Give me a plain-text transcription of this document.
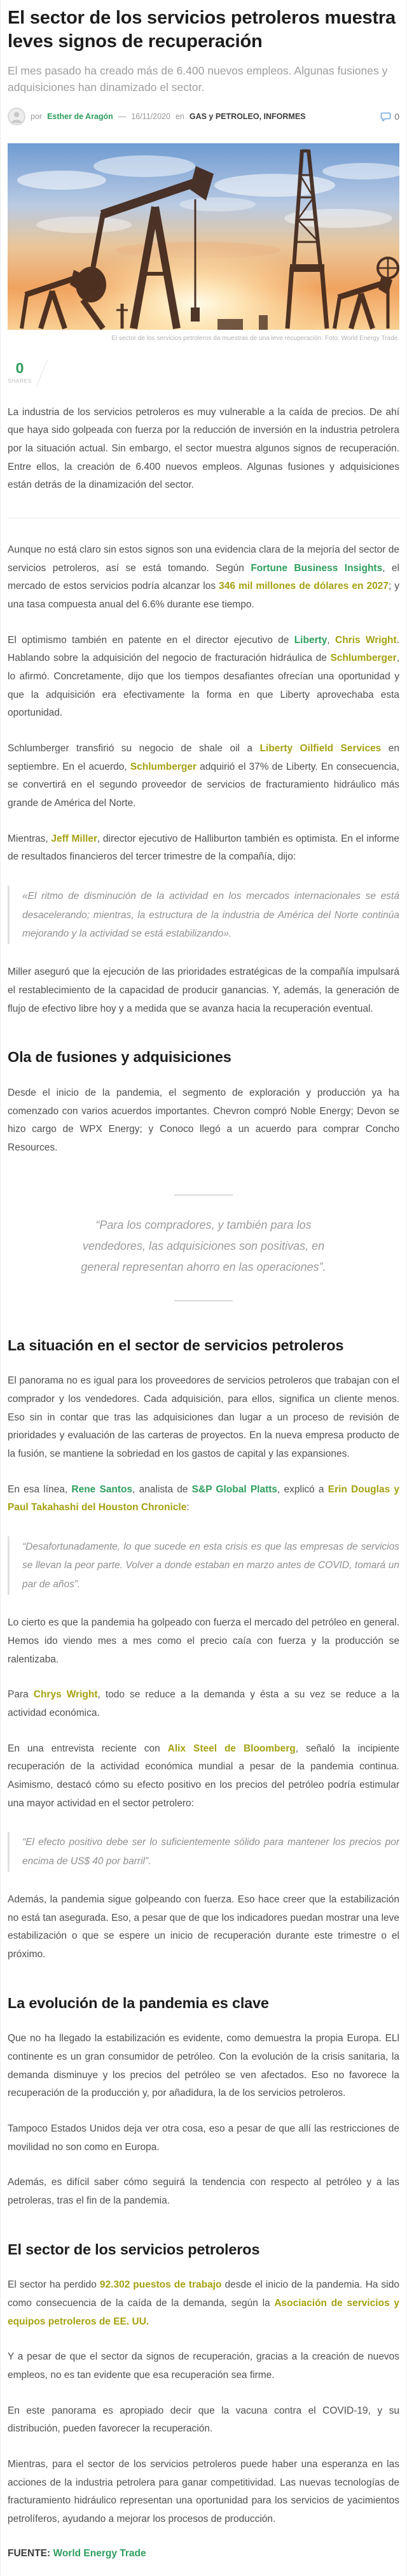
El sector de los servicios petroleros muestra leves signos de recuperación

El mes pasado ha creado más de 6.400 nuevos empleos. Algunas fusiones y adquisiciones han dinamizado el sector.

por Esther de Aragón — 16/11/2020 en GAS y PETROLEO, INFORMES	0
El sector de los servicios petroleros da muestras de una leve recuperación. Foto: World Energy Trade.
0
SHARES

La industria de los servicios petroleros es muy vulnerable a la caída de precios. De ahí que haya sido golpeada con fuerza por la reducción de inversión en la industria petrolera por la situación actual. Sin embargo, el sector muestra algunos signos de recuperación. Entre ellos, la creación de 6.400 nuevos empleos. Algunas fusiones y adquisiciones están detrás de la dinamización del sector.

Aunque no está claro sin estos signos son una evidencia clara de la mejoría del sector de servicios petroleros, así se está tomando. Según Fortune Business Insights, el mercado de estos servicios podría alcanzar los 346 mil millones de dólares en 2027; y una tasa compuesta anual del 6.6% durante ese tiempo.

El optimismo también en patente en el director ejecutivo de Liberty, Chris Wright. Hablando sobre la adquisición del negocio de fracturación hidráulica de Schlumberger, lo afirmó. Concretamente, dijo que los tiempos desafiantes ofrecían una oportunidad y que la adquisición era efectivamente la forma en que Liberty aprovechaba esta oportunidad.

Schlumberger transfirió su negocio de shale oil a Liberty Oilfield Services en septiembre. En el acuerdo, Schlumberger adquirió el 37% de Liberty. En consecuencia, se convertirá en el segundo proveedor de servicios de fracturamiento hidráulico más grande de América del Norte.

Mientras, Jeff Miller, director ejecutivo de Halliburton también es optimista. En el informe de resultados financieros del tercer trimestre de la compañía, dijo:

«El ritmo de disminución de la actividad en los mercados internacionales se está desacelerando; mientras, la estructura de la industria de América del Norte continúa mejorando y la actividad se está estabilizando».

Miller aseguró que la ejecución de las prioridades estratégicas de la compañía impulsará el restablecimiento de la capacidad de producir ganancias. Y, además, la generación de flujo de efectivo libre hoy y a medida que se avanza hacia la recuperación eventual.

Ola de fusiones y adquisiciones

Desde el inicio de la pandemia, el segmento de exploración y producción ya ha comenzado con varios acuerdos importantes. Chevron compró Noble Energy; Devon se hizo cargo de WPX Energy; y Conoco llegó a un acuerdo para comprar Concho Resources.

“Para los compradores, y también para los vendedores, las adquisiciones son positivas, en general representan ahorro en las operaciones”.
La situación en el sector de servicios petroleros

El panorama no es igual para los proveedores de servicios petroleros que trabajan con el comprador y los vendedores. Cada adquisición, para ellos, significa un cliente menos. Eso sin in contar que tras las adquisiciones dan lugar a un proceso de revisión de prioridades y evaluación de las carteras de proyectos. En la nueva empresa producto de la fusión, se mantiene la sobriedad en los gastos de capital y las expansiones.

En esa línea, Rene Santos, analista de S&P Global Platts, explicó a Erin Douglas y Paul Takahashi del Houston Chronicle:

“Desafortunadamente, lo que sucede en esta crisis es que las empresas de servicios se llevan la peor parte. Volver a donde estaban en marzo antes de COVID, tomará un par de años”.

Lo cierto es que la pandemia ha golpeado con fuerza el mercado del petróleo en general. Hemos ido viendo mes a mes como el precio caía con fuerza y la producción se ralentizaba.

Para Chrys Wright, todo se reduce a la demanda y ésta a su vez se reduce a la actividad económica.

En una entrevista reciente con Alix Steel de Bloomberg, señaló la incipiente recuperación de la actividad económica mundial a pesar de la pandemia continua. Asimismo, destacó cómo su efecto positivo en los precios del petróleo podría estimular una mayor actividad en el sector petrolero:

“El efecto positivo debe ser lo suficientemente sólido para mantener los precios por encima de US$ 40 por barril”.

Además, la pandemia sigue golpeando con fuerza. Eso hace creer que la estabilización no está tan asegurada. Eso, a pesar que de que los indicadores puedan mostrar una leve estabilización o que se espere un inicio de recuperación durante este trimestre o el próximo.

La evolución de la pandemia es clave

Que no ha llegado la estabilización es evidente, como demuestra la propia Europa. ELl continente es un gran consumidor de petróleo. Con la evolución de la crisis sanitaria, la demanda disminuye y los precios del petróleo se ven afectados. Eso no favorece la recuperación de la producción y, por añadidura, la de los servicios petroleros.

Tampoco Estados Unidos deja ver otra cosa, eso a pesar de que allí las restricciones de movilidad no son como en Europa.

Además, es difícil saber cómo seguirá la tendencia con respecto al petróleo y a las petroleras, tras el fin de la pandemia.

El sector de los servicios petroleros

El sector ha perdido 92.302 puestos de trabajo desde el inicio de la pandemia. Ha sido como consecuencia de la caída de la demanda, según la Asociación de servicios y equipos petroleros de EE. UU.

Y a pesar de que el sector da signos de recuperación, gracias a la creación de nuevos empleos, no es tan evidente que esa recuperación sea firme.

En este panorama es apropiado decir que la vacuna contra el COVID-19, y su distribución, pueden favorecer la recuperación.

Mientras, para el sector de los servicios petroleros puede haber una esperanza en las acciones de la industria petrolera para ganar competitividad. Las nuevas tecnologías de fracturamiento hidráulico representan una oportunidad para los servicios de yacimientos petrolíferos, ayudando a mejorar los procesos de producción.

FUENTE: World Energy Trade
